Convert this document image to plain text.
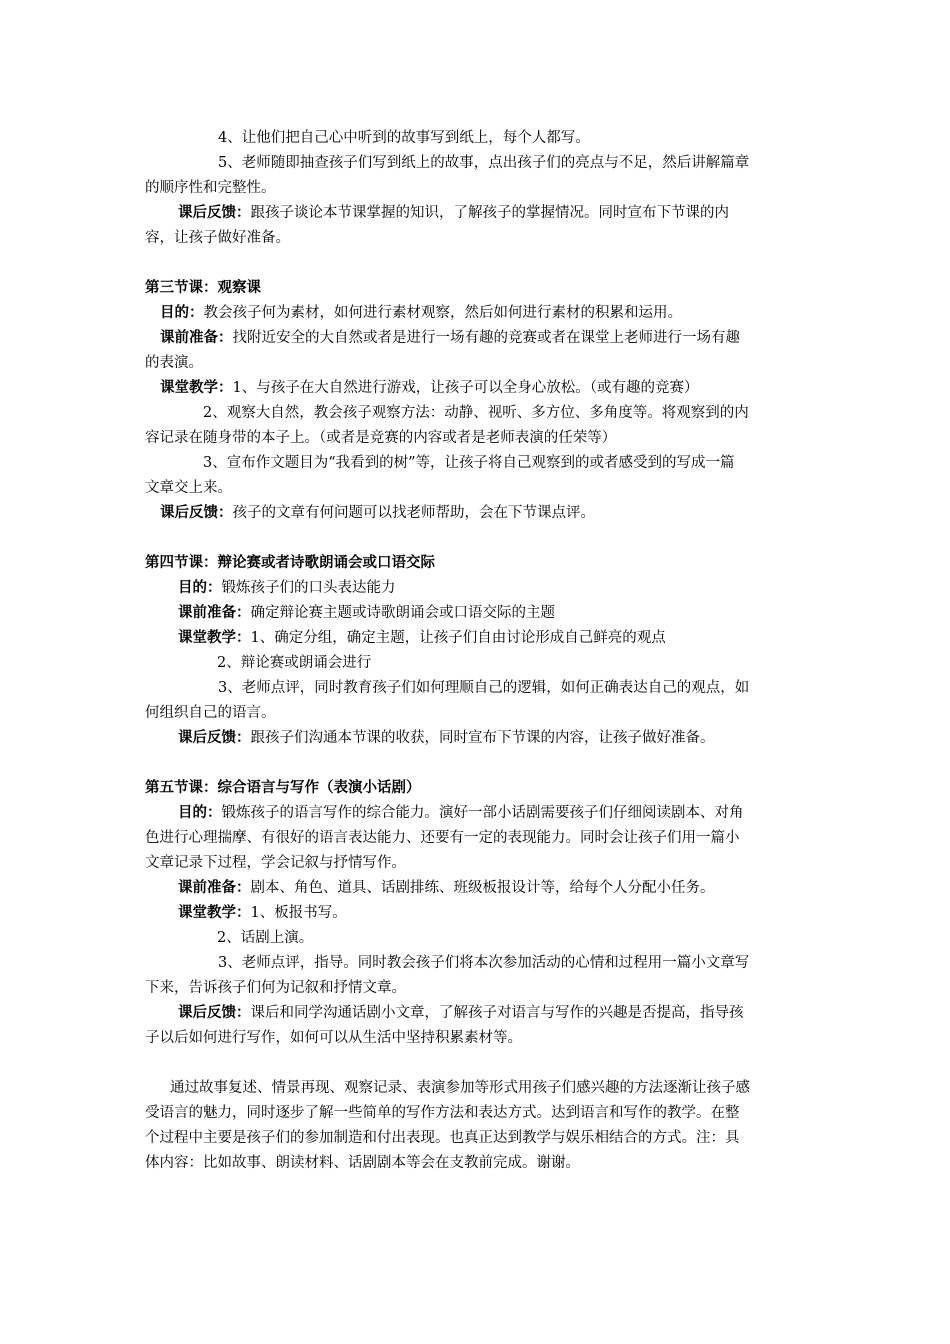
4、让他们把自己心中听到的故事写到纸上，每个人都写。
5、老师随即抽查孩子们写到纸上的故事，点出孩子们的亮点与不足，然后讲解篇章
的顺序性和完整性。
课后反馈：跟孩子谈论本节课掌握的知识，了解孩子的掌握情况。同时宣布下节课的内
容，让孩子做好准备。
第三节课：观察课
目的：教会孩子何为素材，如何进行素材观察，然后如何进行素材的积累和运用。
课前准备：找附近安全的大自然或者是进行一场有趣的竞赛或者在课堂上老师进行一场有趣
的表演。
课堂教学：1、与孩子在大自然进行游戏，让孩子可以全身心放松。（或有趣的竞赛）
2、观察大自然，教会孩子观察方法：动静、视听、多方位、多角度等。将观察到的内
容记录在随身带的本子上。（或者是竞赛的内容或者是老师表演的任荣等）
3、宣布作文题目为“我看到的树”等，让孩子将自己观察到的或者感受到的写成一篇
文章交上来。
课后反馈：孩子的文章有何问题可以找老师帮助，会在下节课点评。
第四节课：辩论赛或者诗歌朗诵会或口语交际
目的：锻炼孩子们的口头表达能力
课前准备：确定辩论赛主题或诗歌朗诵会或口语交际的主题
课堂教学：1、确定分组，确定主题，让孩子们自由讨论形成自己鲜亮的观点
2、辩论赛或朗诵会进行
3、老师点评，同时教育孩子们如何理顺自己的逻辑，如何正确表达自己的观点，如
何组织自己的语言。
课后反馈：跟孩子们沟通本节课的收获，同时宣布下节课的内容，让孩子做好准备。
第五节课：综合语言与写作（表演小话剧）
目的：锻炼孩子的语言写作的综合能力。演好一部小话剧需要孩子们仔细阅读剧本、对角
色进行心理揣摩、有很好的语言表达能力、还要有一定的表现能力。同时会让孩子们用一篇小
文章记录下过程，学会记叙与抒情写作。
课前准备：剧本、角色、道具、话剧排练、班级板报设计等，给每个人分配小任务。
课堂教学：1、板报书写。
2、话剧上演。
3、老师点评，指导。同时教会孩子们将本次参加活动的心情和过程用一篇小文章写
下来，告诉孩子们何为记叙和抒情文章。
课后反馈：课后和同学沟通话剧小文章，了解孩子对语言与写作的兴趣是否提高，指导孩
子以后如何进行写作，如何可以从生活中坚持积累素材等。
通过故事复述、情景再现、观察记录、表演参加等形式用孩子们感兴趣的方法逐渐让孩子感
受语言的魅力，同时逐步了解一些简单的写作方法和表达方式。达到语言和写作的教学。在整
个过程中主要是孩子们的参加制造和付出表现。也真正达到教学与娱乐相结合的方式。注：具
体内容：比如故事、朗读材料、话剧剧本等会在支教前完成。谢谢。
